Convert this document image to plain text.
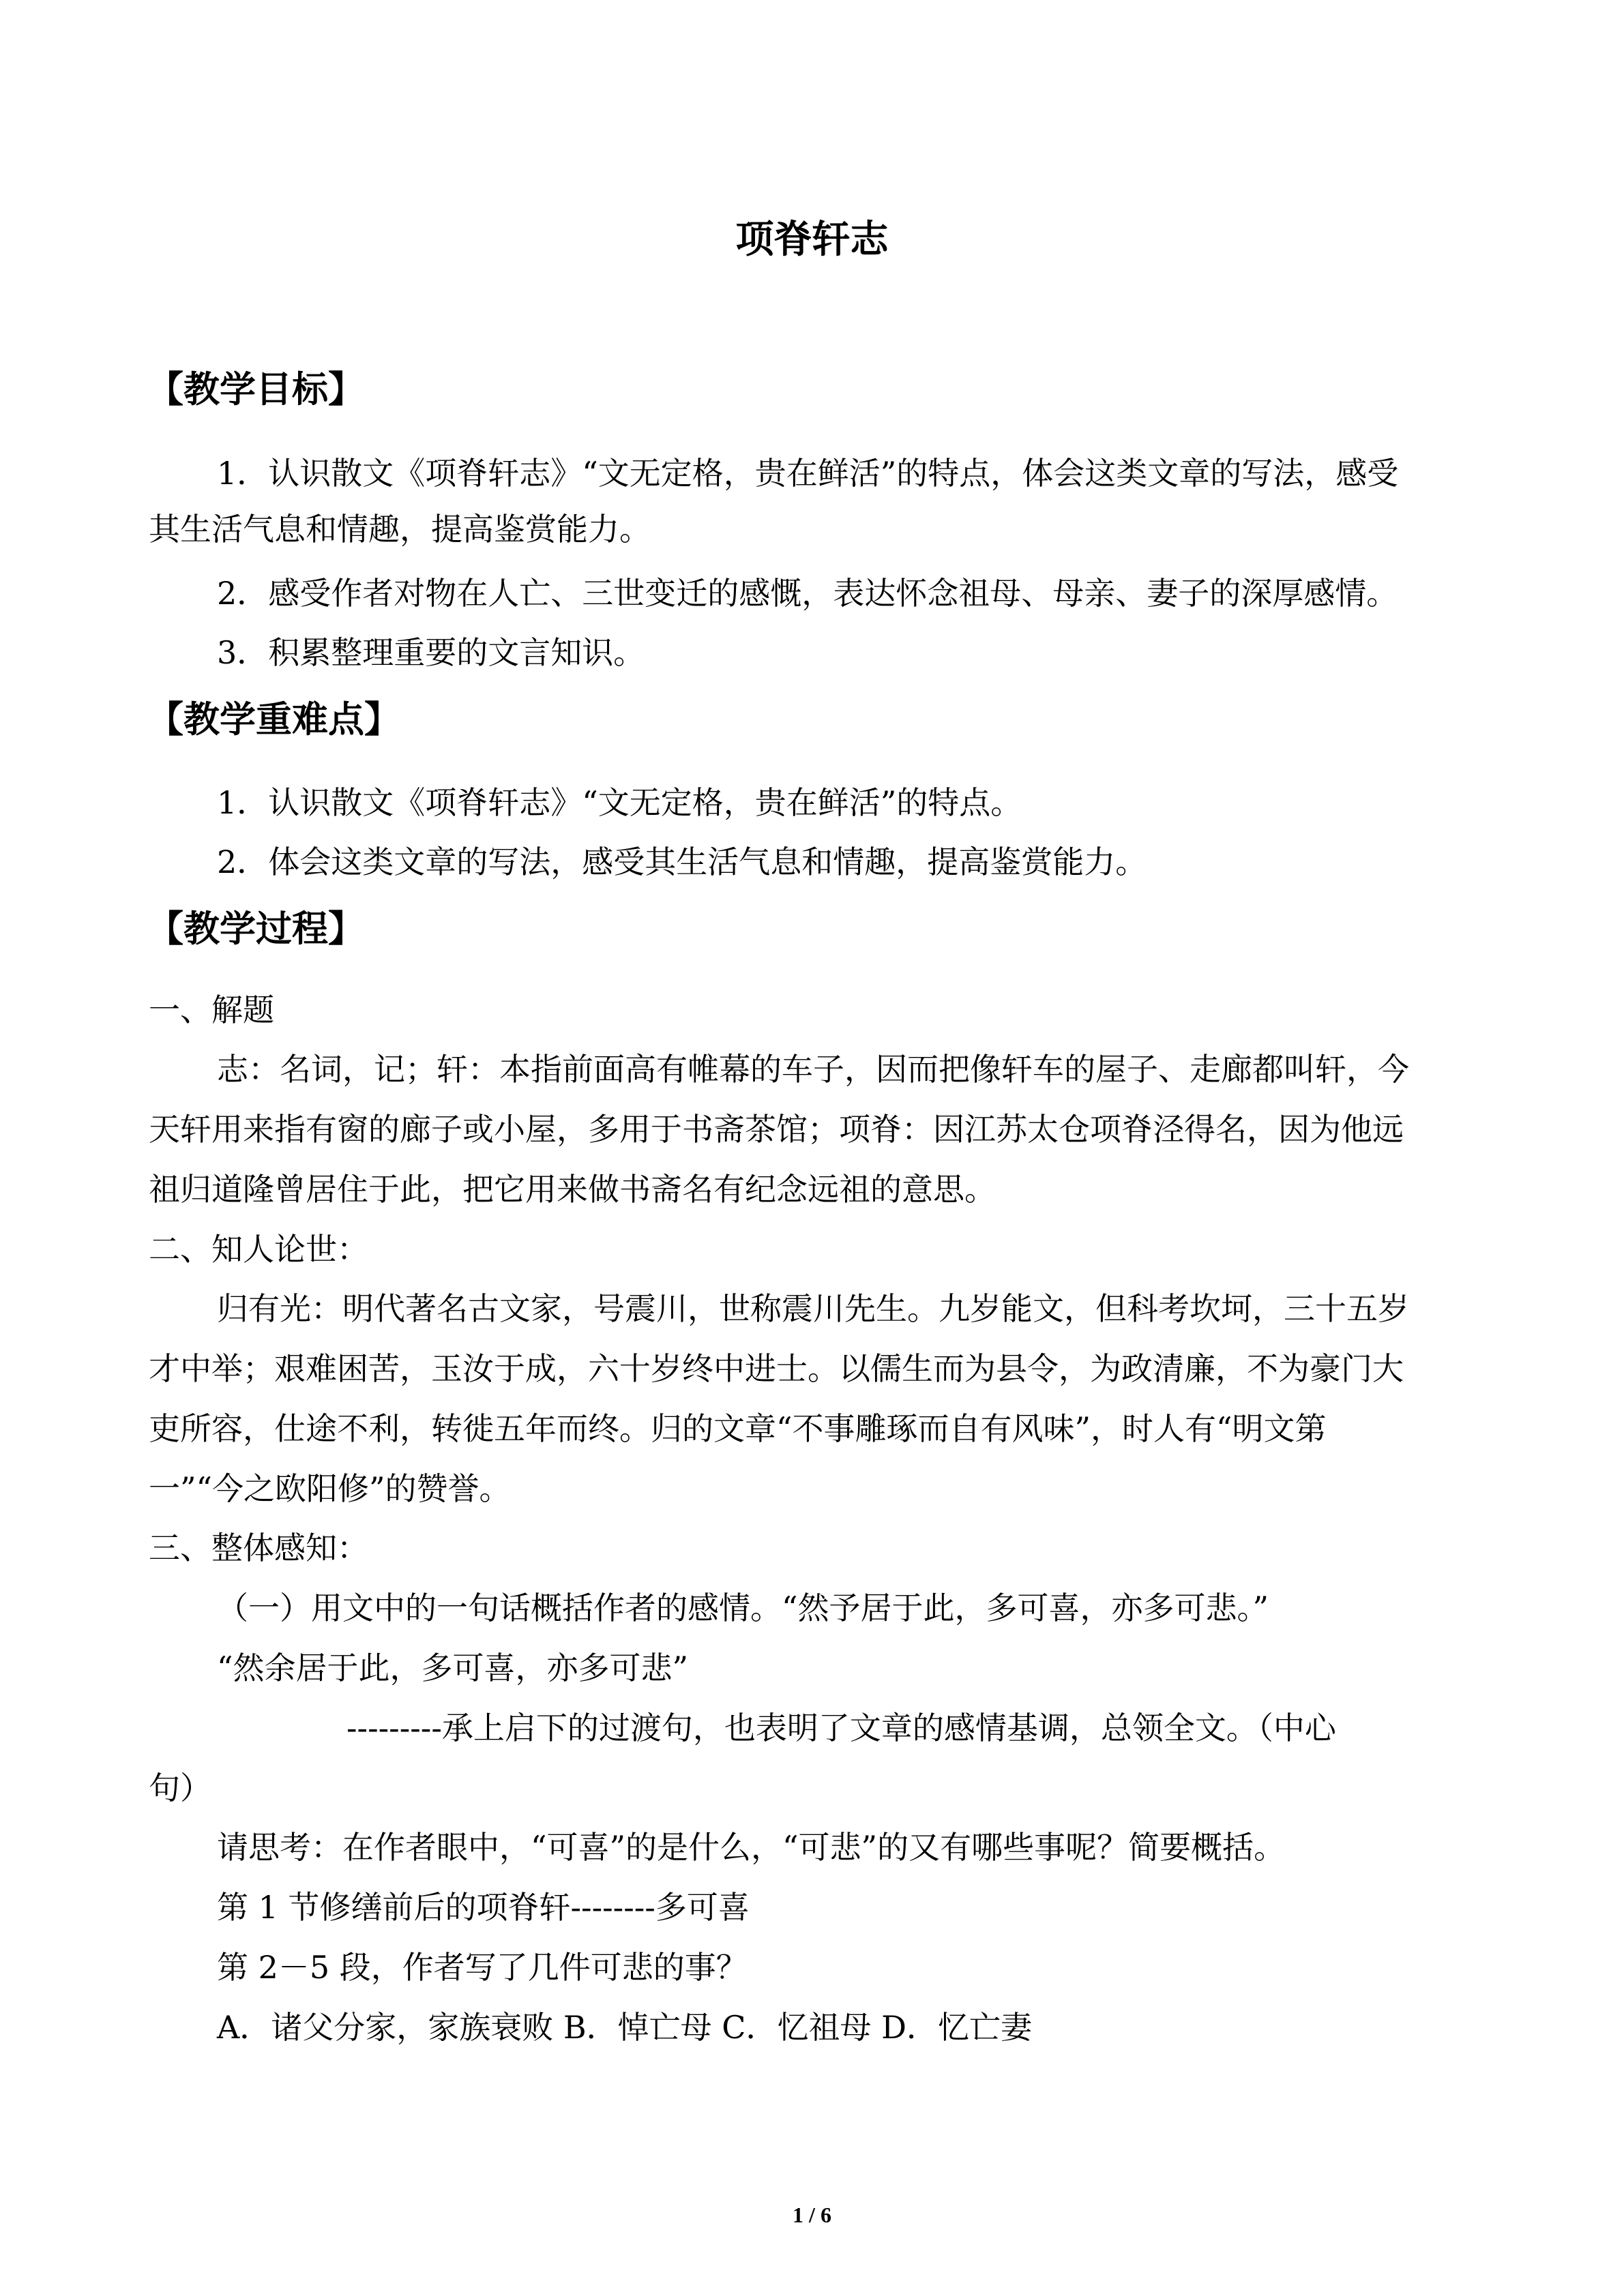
项脊轩志
【教学目标】
1．认识散文《项脊轩志》“文无定格，贵在鲜活”的特点，体会这类文章的写法，感受
其生活气息和情趣，提高鉴赏能力。
2．感受作者对物在人亡、三世变迁的感慨，表达怀念祖母、母亲、妻子的深厚感情。
3．积累整理重要的文言知识。
【教学重难点】
1．认识散文《项脊轩志》“文无定格，贵在鲜活”的特点。
2．体会这类文章的写法，感受其生活气息和情趣，提高鉴赏能力。
【教学过程】
一、解题
志：名词，记；轩：本指前面高有帷幕的车子，因而把像轩车的屋子、走廊都叫轩，今
天轩用来指有窗的廊子或小屋，多用于书斋茶馆；项脊：因江苏太仓项脊泾得名，因为他远
祖归道隆曾居住于此，把它用来做书斋名有纪念远祖的意思。
二、知人论世：
归有光：明代著名古文家，号震川，世称震川先生。九岁能文，但科考坎坷，三十五岁
才中举；艰难困苦，玉汝于成，六十岁终中进士。以儒生而为县令，为政清廉，不为豪门大
吏所容，仕途不利，转徙五年而终。归的文章“不事雕琢而自有风味”，时人有“明文第
一”“今之欧阳修”的赞誉。
三、整体感知：
（一）用文中的一句话概括作者的感情。“然予居于此，多可喜，亦多可悲。”
“然余居于此，多可喜，亦多可悲”
---------承上启下的过渡句，也表明了文章的感情基调，总领全文。（中心
句）
请思考：在作者眼中，“可喜”的是什么，“可悲”的又有哪些事呢？简要概括。
第 1 节修缮前后的项脊轩--------多可喜
第 2－5 段，作者写了几件可悲的事？
A．诸父分家，家族衰败 B．悼亡母 C．忆祖母 D．忆亡妻
1 / 6
